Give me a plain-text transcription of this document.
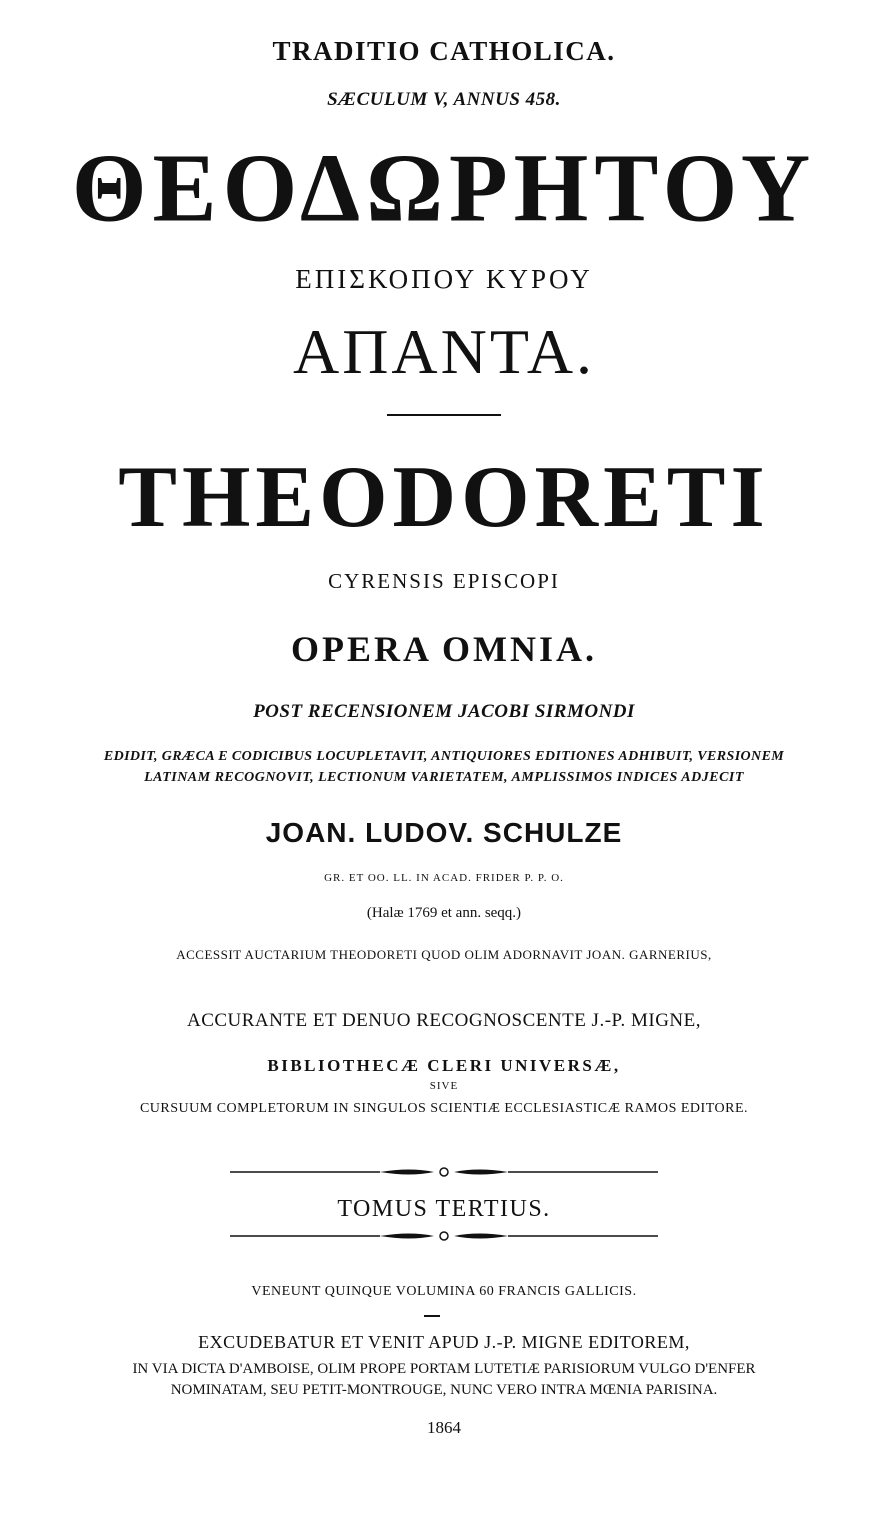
TRADITIO CATHOLICA.
SÆCULUM V, ANNUS 458.
ΘΕΟΔΩΡΗΤΟΥ
ΕΠΙΣΚΟΠΟΥ ΚΥΡΟΥ
ΑΠΑΝΤΑ.
THEODORETI
CYRENSIS EPISCOPI
OPERA OMNIA.
POST RECENSIONEM JACOBI SIRMONDI
EDIDIT, GRÆCA E CODICIBUS LOCUPLETAVIT, ANTIQUIORES EDITIONES ADHIBUIT, VERSIONEM
LATINAM RECOGNOVIT, LECTIONUM VARIETATEM, AMPLISSIMOS INDICES ADJECIT
JOAN. LUDOV. SCHULZE
GR. ET OO. LL. IN ACAD. FRIDER P. P. O.
(Halæ 1769 et ann. seqq.)
ACCESSIT AUCTARIUM THEODORETI QUOD OLIM ADORNAVIT JOAN. GARNERIUS,
ACCURANTE ET DENUO RECOGNOSCENTE J.-P. MIGNE,
BIBLIOTHECÆ CLERI UNIVERSÆ,
SIVE
CURSUUM COMPLETORUM IN SINGULOS SCIENTIÆ ECCLESIASTICÆ RAMOS EDITORE.
TOMUS TERTIUS.
VENEUNT QUINQUE VOLUMINA 60 FRANCIS GALLICIS.
EXCUDEBATUR ET VENIT APUD J.-P. MIGNE EDITOREM,
IN VIA DICTA D'AMBOISE, OLIM PROPE PORTAM LUTETIÆ PARISIORUM VULGO D'ENFER
NOMINATAM, SEU PETIT-MONTROUGE, NUNC VERO INTRA MŒNIA PARISINA.
1864
